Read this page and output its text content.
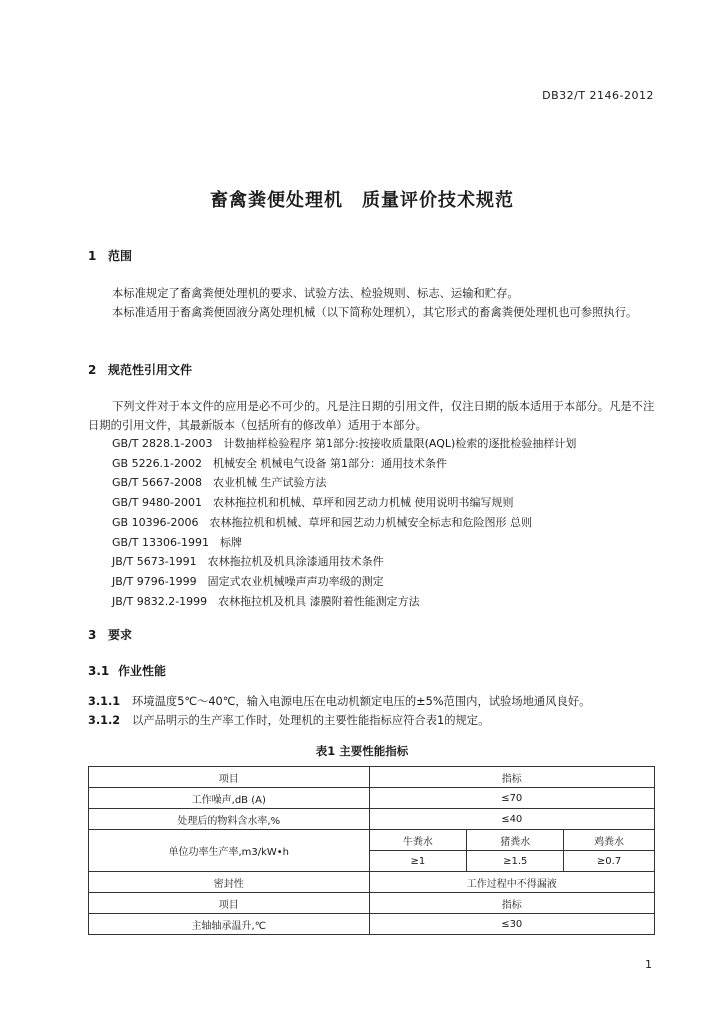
DB32/T 2146-2012
畜禽粪便处理机　质量评价技术规范
1 范围
本标准规定了畜禽粪便处理机的要求、试验方法、检验规则、标志、运输和贮存。
本标准适用于畜禽粪便固液分离处理机械（以下简称处理机），其它形式的畜禽粪便处理机也可参照执行。
2 规范性引用文件
下列文件对于本文件的应用是必不可少的。凡是注日期的引用文件，仅注日期的版本适用于本部分。凡是不注日期的引用文件，其最新版本（包括所有的修改单）适用于本部分。
GB/T 2828.1-2003　计数抽样检验程序 第1部分:按接收质量限(AQL)检索的逐批检验抽样计划
GB 5226.1-2002　机械安全 机械电气设备 第1部分：通用技术条件
GB/T 5667-2008　农业机械 生产试验方法
GB/T 9480-2001　农林拖拉机和机械、草坪和园艺动力机械 使用说明书编写规则
GB 10396-2006　农林拖拉机和机械、草坪和园艺动力机械安全标志和危险图形 总则
GB/T 13306-1991　标牌
JB/T 5673-1991　农林拖拉机及机具涂漆通用技术条件
JB/T 9796-1999　固定式农业机械噪声声功率级的测定
JB/T 9832.2-1999　农林拖拉机及机具 漆膜附着性能测定方法
3 要求
3.1 作业性能
3.1.1 环境温度5℃～40℃，输入电源电压在电动机额定电压的±5%范围内，试验场地通风良好。
3.1.2 以产品明示的生产率工作时，处理机的主要性能指标应符合表1的规定。
表1 主要性能指标
项目	指标		
工作噪声,dB (A)	≤70		
处理后的物料含水率,%	≤40		
单位功率生产率,m3/kW•h	牛粪水	猪粪水	鸡粪水
	≥1	≥1.5	≥0.7
密封性	工作过程中不得漏液		
项目	指标		
主轴轴承温升,℃	≤30		
1
